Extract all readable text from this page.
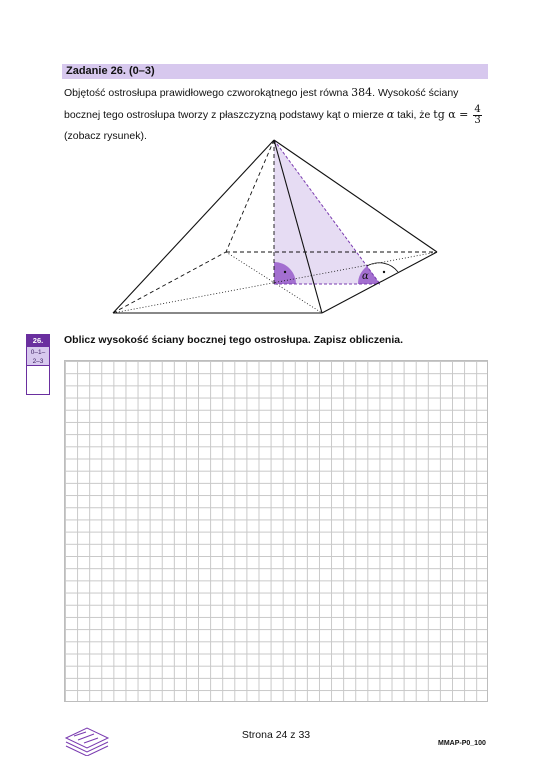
Zadanie 26. (0–3)
Objętość ostrosłupa prawidłowego czworokątnego jest równa 384. Wysokość ściany
bocznej tego ostrosłupa tworzy z płaszczyzną podstawy kąt o mierze α taki, że tg $\alpha = \frac{4}{3}$
(zobacz rysunek).
α
26.
0–1–
2–3
Oblicz wysokość ściany bocznej tego ostrosłupa. Zapisz obliczenia.
Strona 24 z 33
MMAP-P0_100
